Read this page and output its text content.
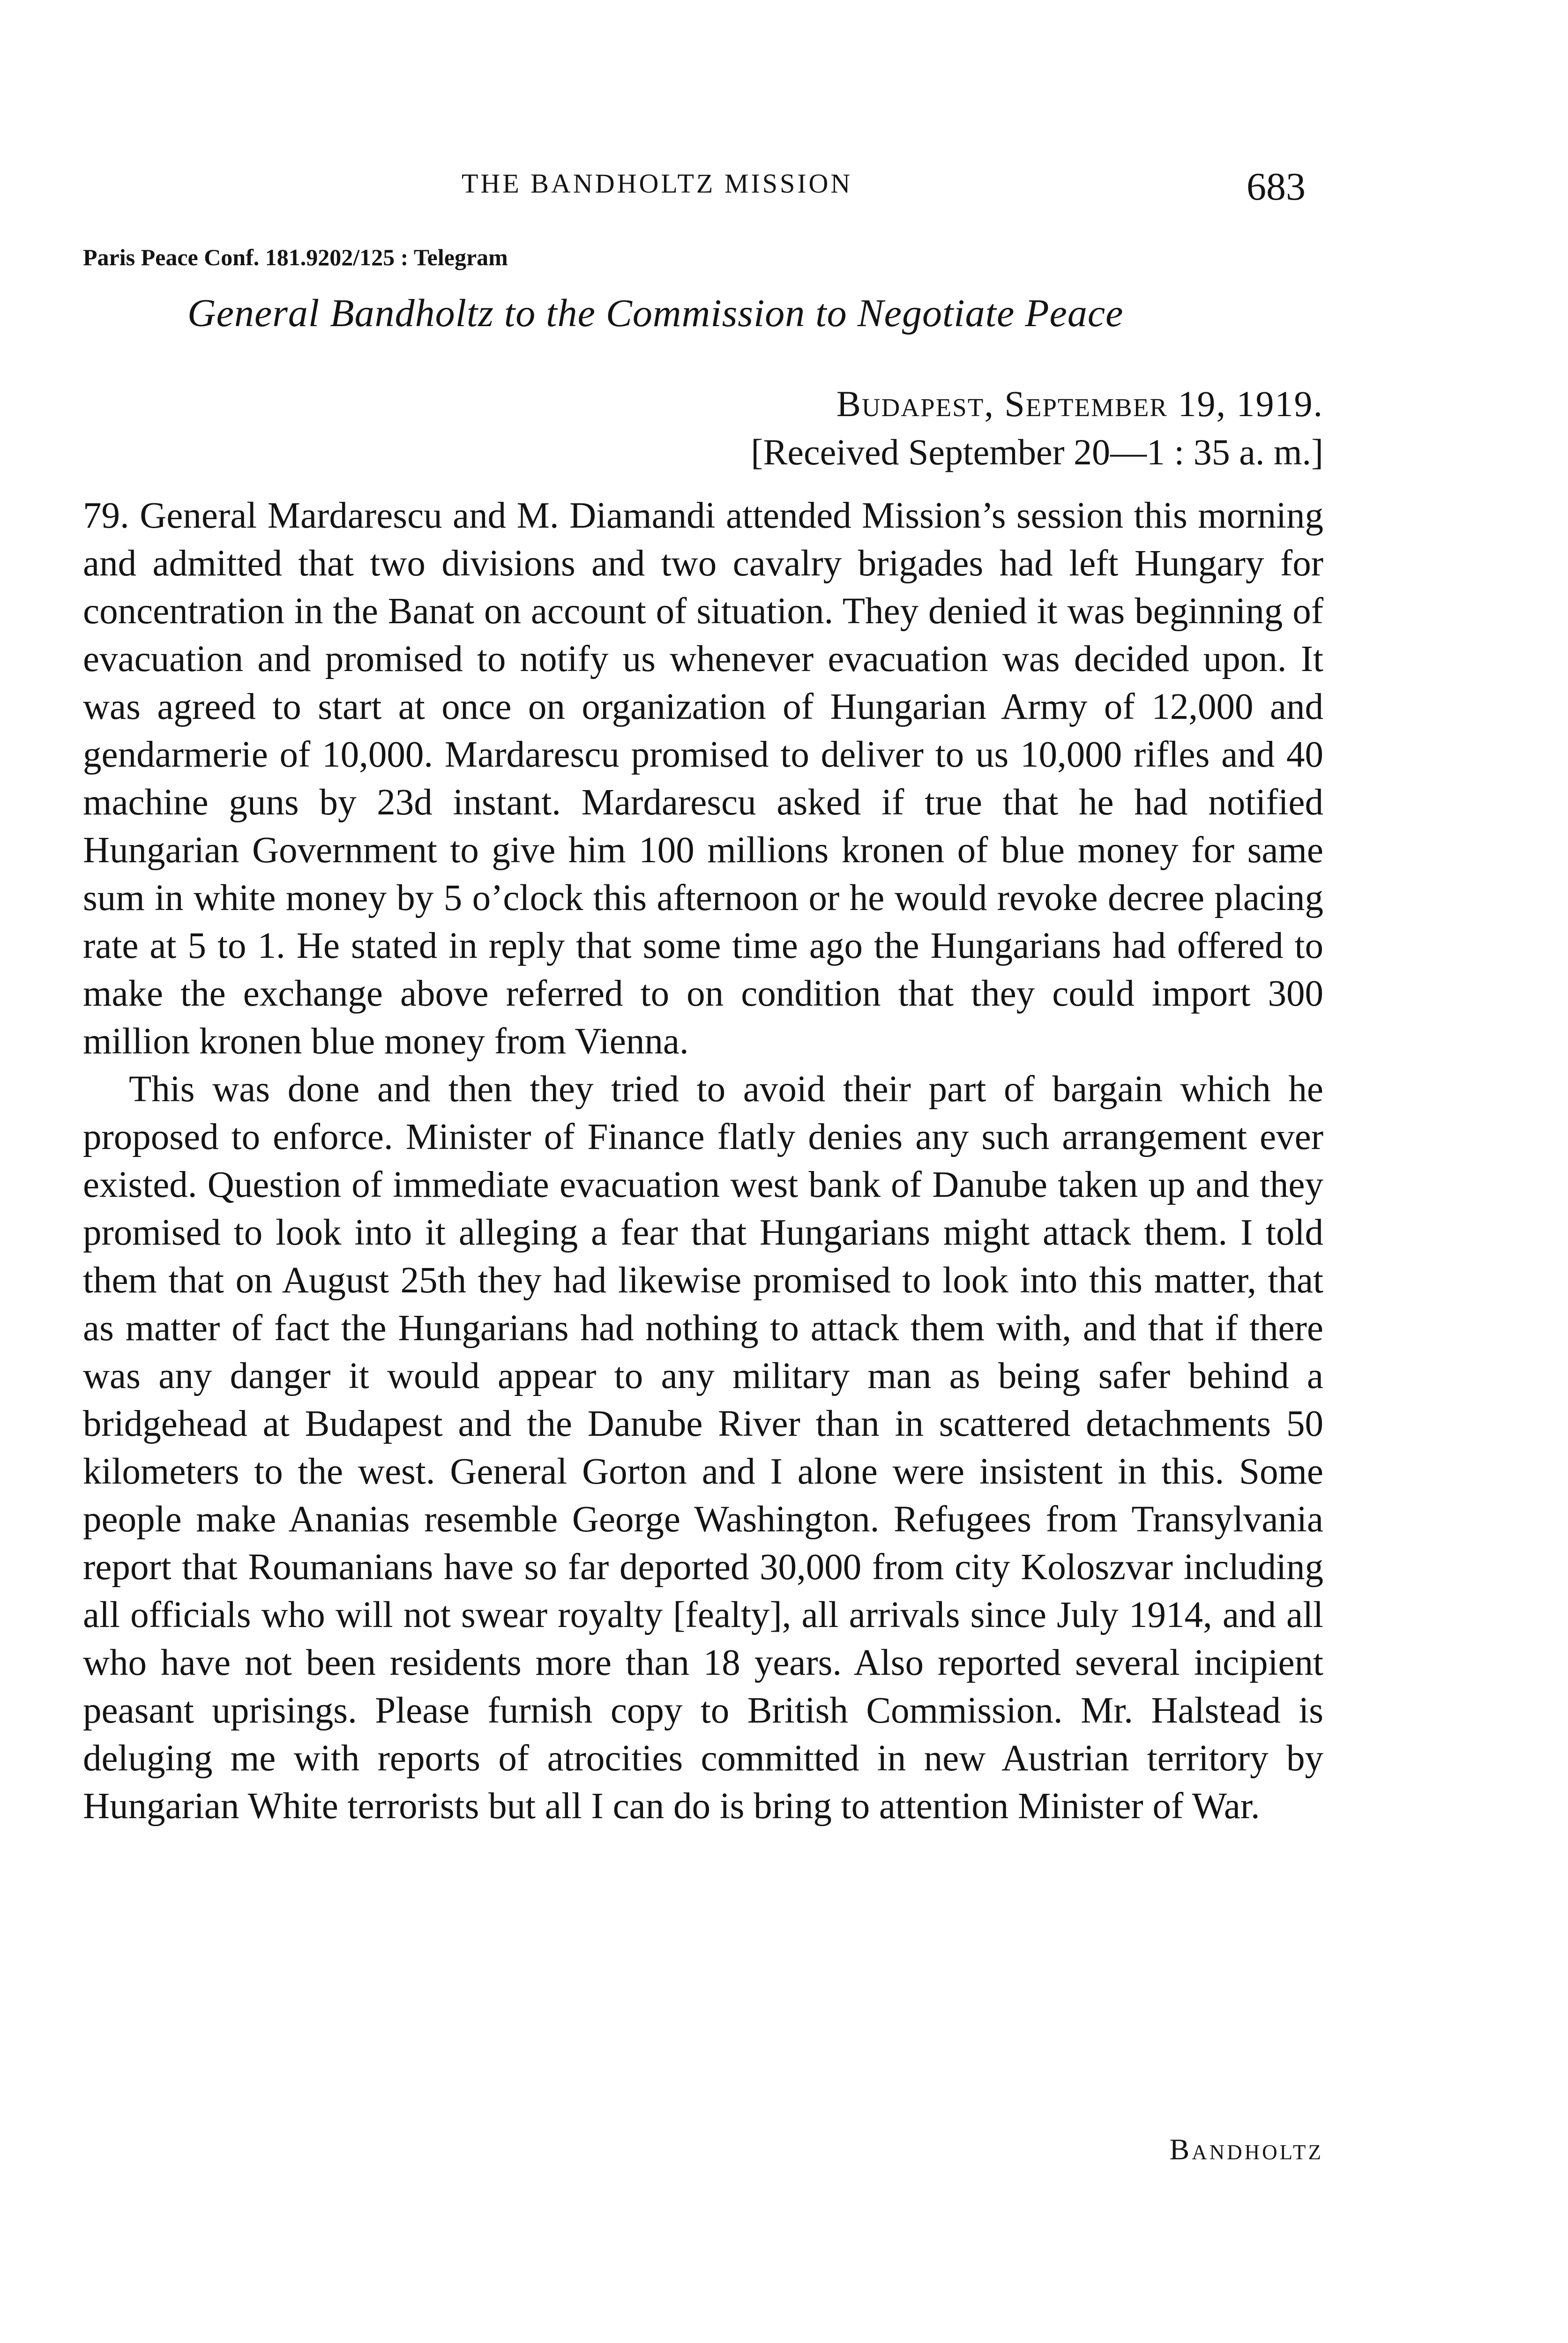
THE BANDHOLTZ MISSION	683
Paris Peace Conf. 181.9202/125 : Telegram
General Bandholtz to the Commission to Negotiate Peace
Budapest, September 19, 1919.
[Received September 20—1 : 35 a. m.]

79. General Mardarescu and M. Diamandi attended Mission’s session this morning and admitted that two divisions and two cavalry brigades had left Hungary for concentration in the Banat on account of situation. They denied it was beginning of evacuation and promised to notify us whenever evacuation was decided upon. It was agreed to start at once on organization of Hungarian Army of 12,000 and gendarmerie of 10,000. Mardarescu promised to deliver to us 10,000 rifles and 40 machine guns by 23d instant. Mardarescu asked if true that he had notified Hungarian Government to give him 100 millions kronen of blue money for same sum in white money by 5 o’clock this afternoon or he would revoke decree placing rate at 5 to 1. He stated in reply that some time ago the Hungarians had offered to make the exchange above referred to on condition that they could import 300 million kronen blue money from Vienna.

This was done and then they tried to avoid their part of bargain which he proposed to enforce. Minister of Finance flatly denies any such arrangement ever existed. Question of immediate evacuation west bank of Danube taken up and they promised to look into it alleging a fear that Hungarians might attack them. I told them that on August 25th they had likewise promised to look into this matter, that as matter of fact the Hungarians had nothing to attack them with, and that if there was any danger it would appear to any military man as being safer behind a bridgehead at Budapest and the Danube River than in scattered detachments 50 kilometers to the west. General Gorton and I alone were insistent in this. Some people make Ananias resemble George Washington. Refugees from Transylvania report that Roumanians have so far deported 30,000 from city Koloszvar including all officials who will not swear royalty [fealty], all arrivals since July 1914, and all who have not been residents more than 18 years. Also reported several incipient peasant uprisings. Please furnish copy to British Commission. Mr. Halstead is deluging me with reports of atrocities committed in new Austrian territory by Hungarian White terrorists but all I can do is bring to attention Minister of War.

Bandholtz
